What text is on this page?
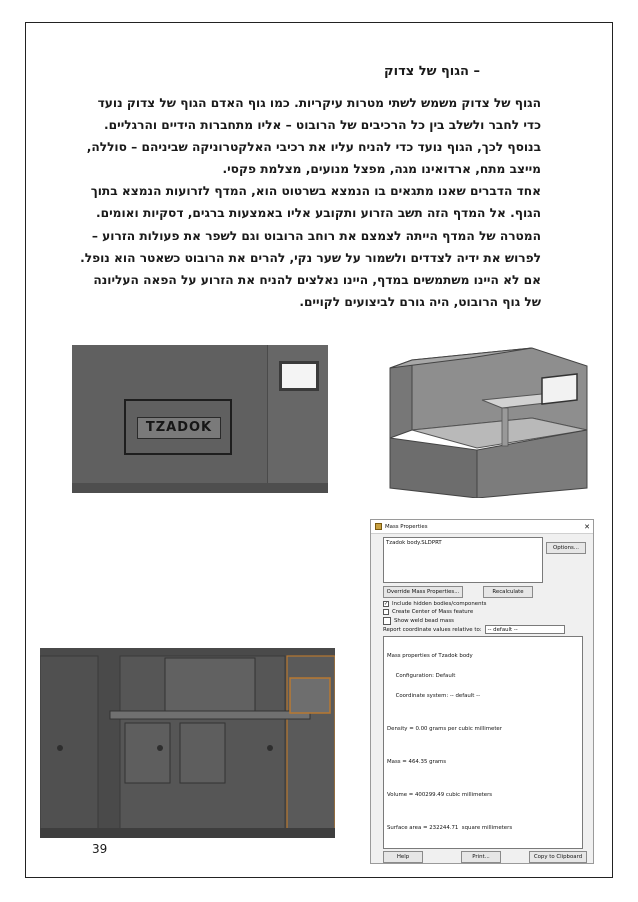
– הגוף של צדוק

הגוף של צדוק משמש לשתי מטרות עיקריות. כמו גוף האדם הגוף של צדוק נועד

כדי לחבר ולשלב בין כל הרכיבים של הרובוט – אליו מתחברות הידיים והרגליים.

בנוסף לכך, הגוף נועד כדי להניח עליו את רכיבי האלקטרוניקה שביניהם – סוללה,

מייצב מתח, ארדואינו מגה, מפצל מנועים, מצלמת פקסי.

אחד הדברים שאנו מתגאים בו הנמצא בשרטוט הוא, המדף לזרועות הנמצא בתוך

הגוף. אל המדף הזה תשב הזרוע ותקובע אליו באמצעות ברגים, דסקיות ואומים.

המטרה של המדף הייתה לצמצם את רוחב הרובוט וגם לשפר את פעולות הזרוע –

לפרוש את ידיה לצדדים ולשמור על שער נקי, להרים את הרובוט כשאטר הוא נופל.

אם לא היינו משתמשים במדף, היינו נאלצים להניח את הזרוע על הפאה העליונה

של גוף הרובוט, היה גורם לביצועים לקויים.

TZADOK
Mass Properties	✕
Tzadok body.SLDPRT
Options...
Override Mass Properties...	Recalculate
✓ Include hidden bodies/components
Create Center of Mass feature
Show weld bead mass
Report coordinate values relative to:	-- default --

Mass properties of Tzadok body

Configuration: Default

Coordinate system: -- default --

Density = 0.00 grams per cubic millimeter

Mass = 464.35 grams

Volume = 400299.49 cubic millimeters

Surface area = 232244.71  square millimeters

Help	Print...	Copy to Clipboard
39
